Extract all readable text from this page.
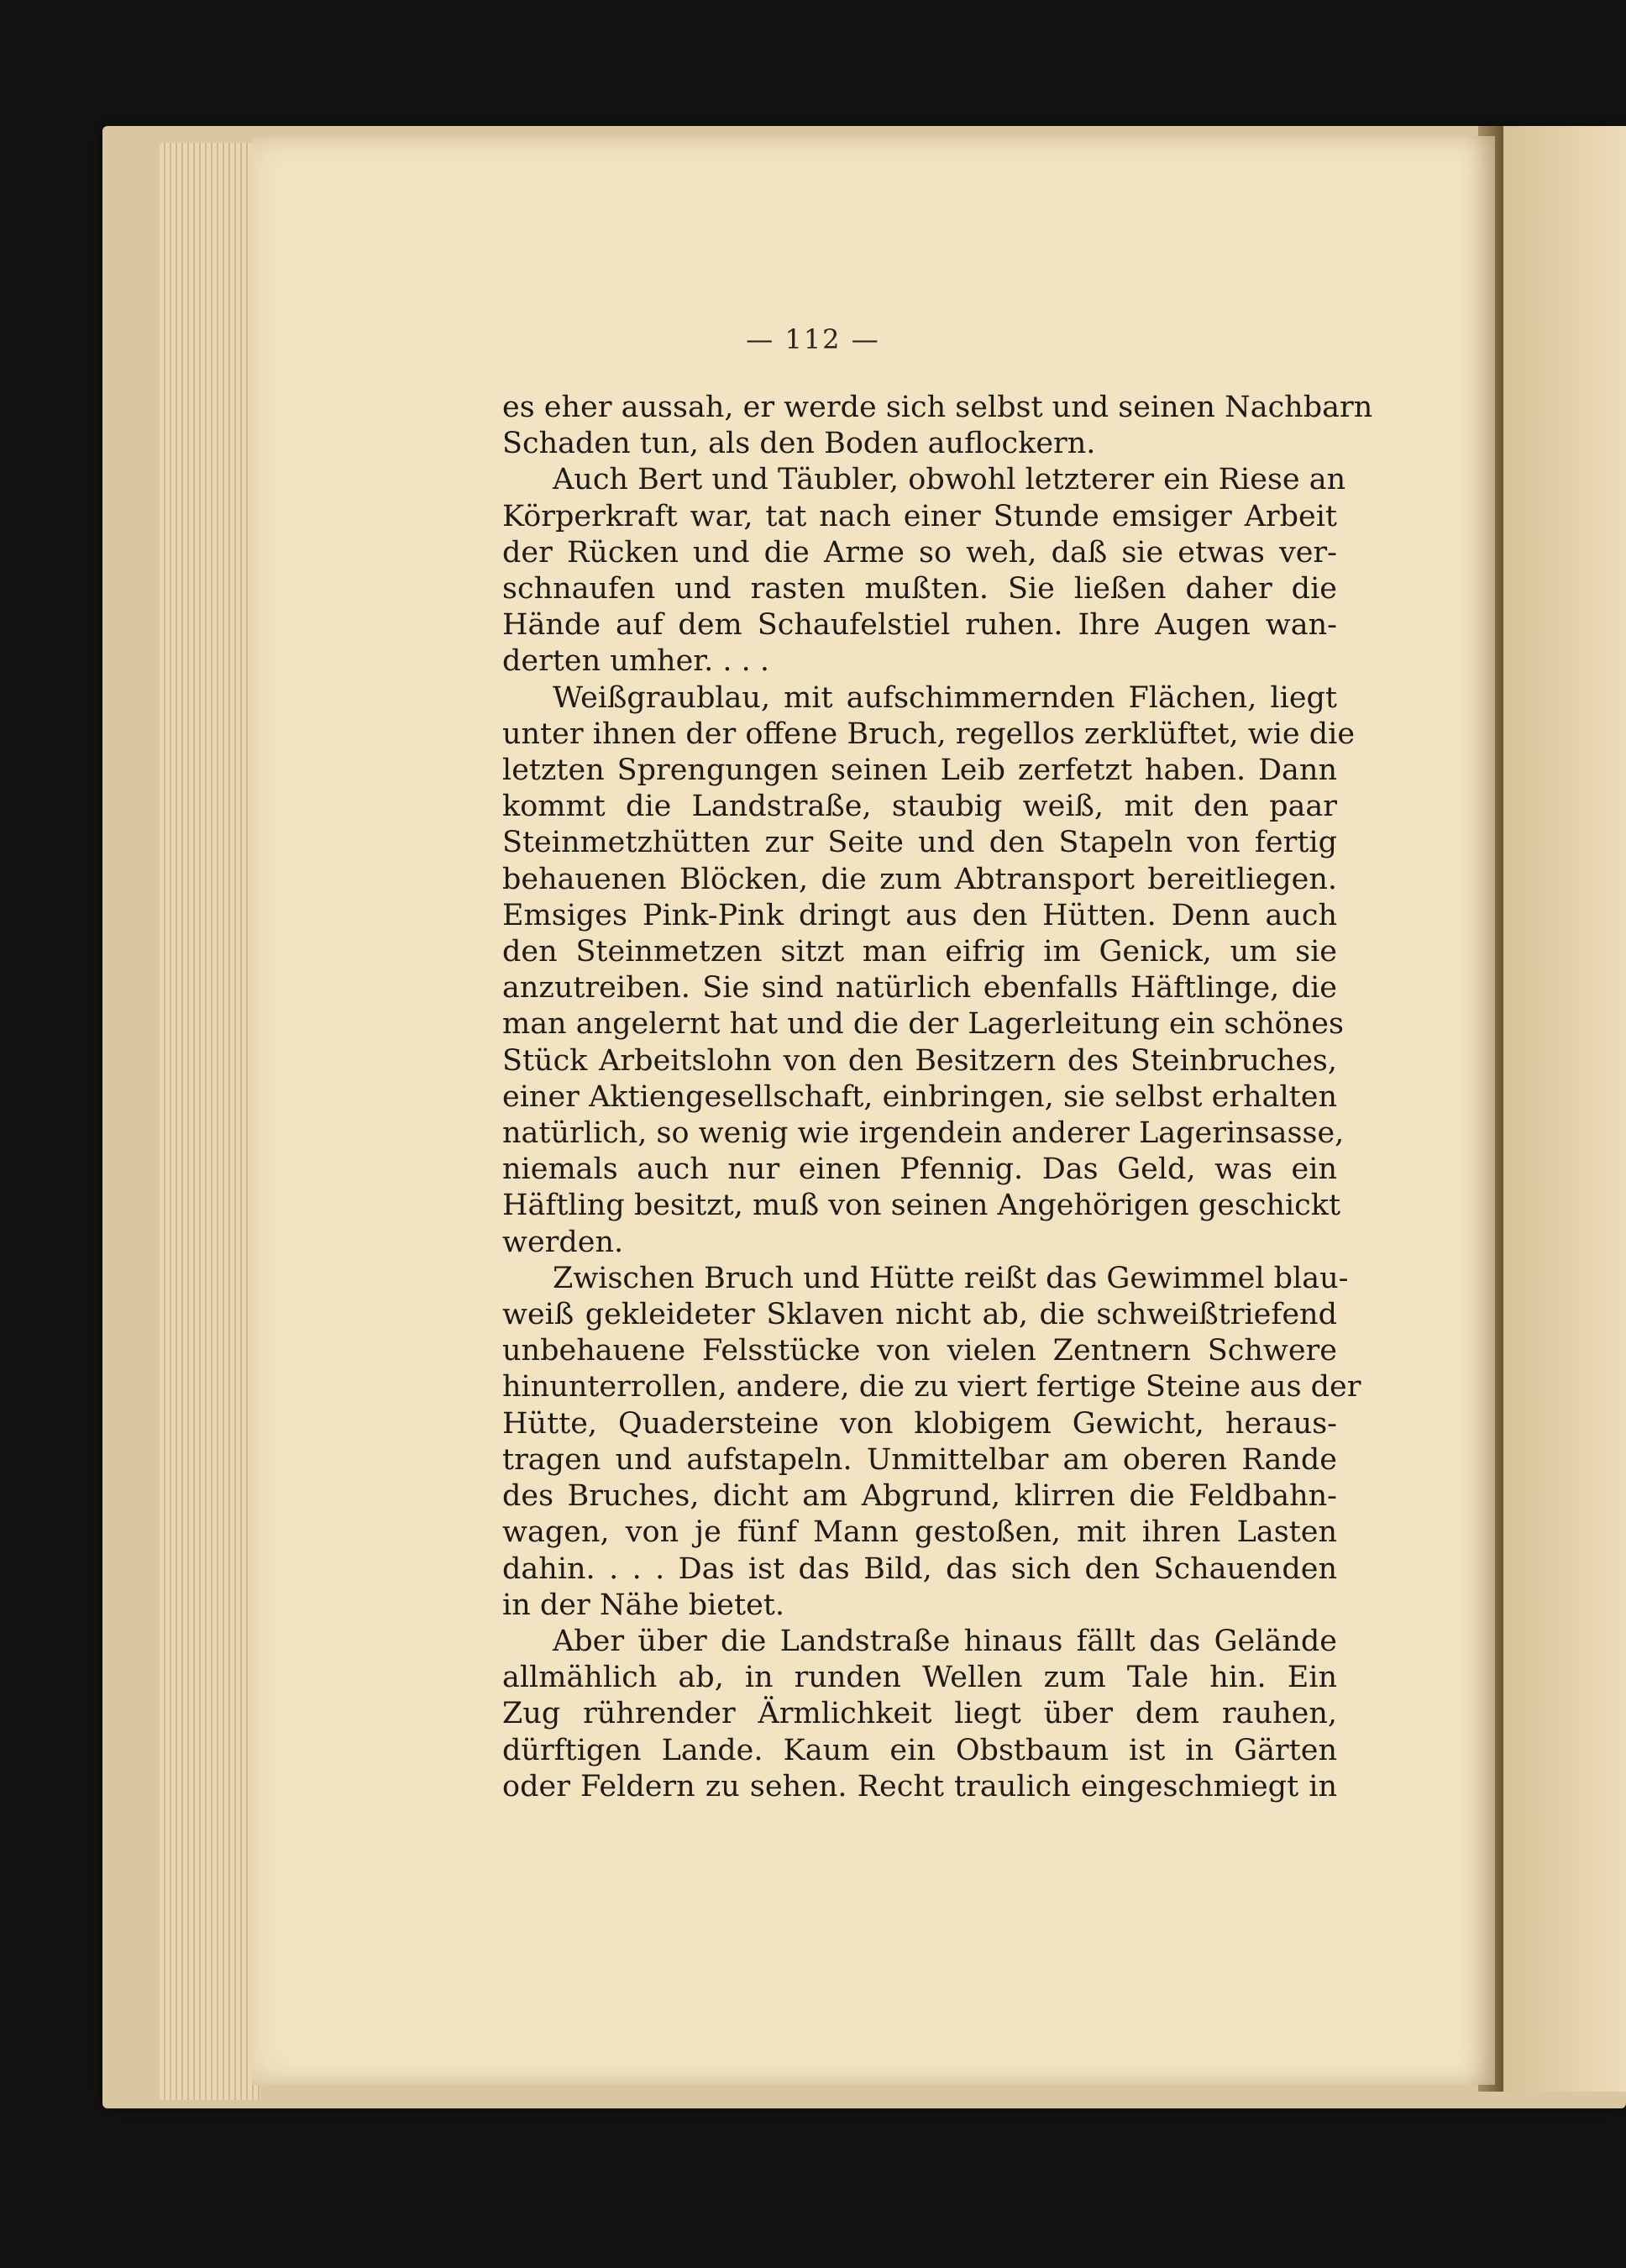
— 112 —
es eher aussah, er werde sich selbst und seinen Nachbarn
Schaden tun, als den Boden auflockern.
Auch Bert und Täubler, obwohl letzterer ein Riese an
Körperkraft war, tat nach einer Stunde emsiger Arbeit
der Rücken und die Arme so weh, daß sie etwas ver-
schnaufen und rasten mußten. Sie ließen daher die
Hände auf dem Schaufelstiel ruhen. Ihre Augen wan-
derten umher. . . .
Weißgraublau, mit aufschimmernden Flächen, liegt
unter ihnen der offene Bruch, regellos zerklüftet, wie die
letzten Sprengungen seinen Leib zerfetzt haben. Dann
kommt die Landstraße, staubig weiß, mit den paar
Steinmetzhütten zur Seite und den Stapeln von fertig
behauenen Blöcken, die zum Abtransport bereitliegen.
Emsiges Pink-Pink dringt aus den Hütten. Denn auch
den Steinmetzen sitzt man eifrig im Genick, um sie
anzutreiben. Sie sind natürlich ebenfalls Häftlinge, die
man angelernt hat und die der Lagerleitung ein schönes
Stück Arbeitslohn von den Besitzern des Steinbruches,
einer Aktiengesellschaft, einbringen, sie selbst erhalten
natürlich, so wenig wie irgendein anderer Lagerinsasse,
niemals auch nur einen Pfennig. Das Geld, was ein
Häftling besitzt, muß von seinen Angehörigen geschickt
werden.
Zwischen Bruch und Hütte reißt das Gewimmel blau-
weiß gekleideter Sklaven nicht ab, die schweißtriefend
unbehauene Felsstücke von vielen Zentnern Schwere
hinunterrollen, andere, die zu viert fertige Steine aus der
Hütte, Quadersteine von klobigem Gewicht, heraus-
tragen und aufstapeln. Unmittelbar am oberen Rande
des Bruches, dicht am Abgrund, klirren die Feldbahn-
wagen, von je fünf Mann gestoßen, mit ihren Lasten
dahin. . . . Das ist das Bild, das sich den Schauenden
in der Nähe bietet.
Aber über die Landstraße hinaus fällt das Gelände
allmählich ab, in runden Wellen zum Tale hin. Ein
Zug rührender Ärmlichkeit liegt über dem rauhen,
dürftigen Lande. Kaum ein Obstbaum ist in Gärten
oder Feldern zu sehen. Recht traulich eingeschmiegt in
